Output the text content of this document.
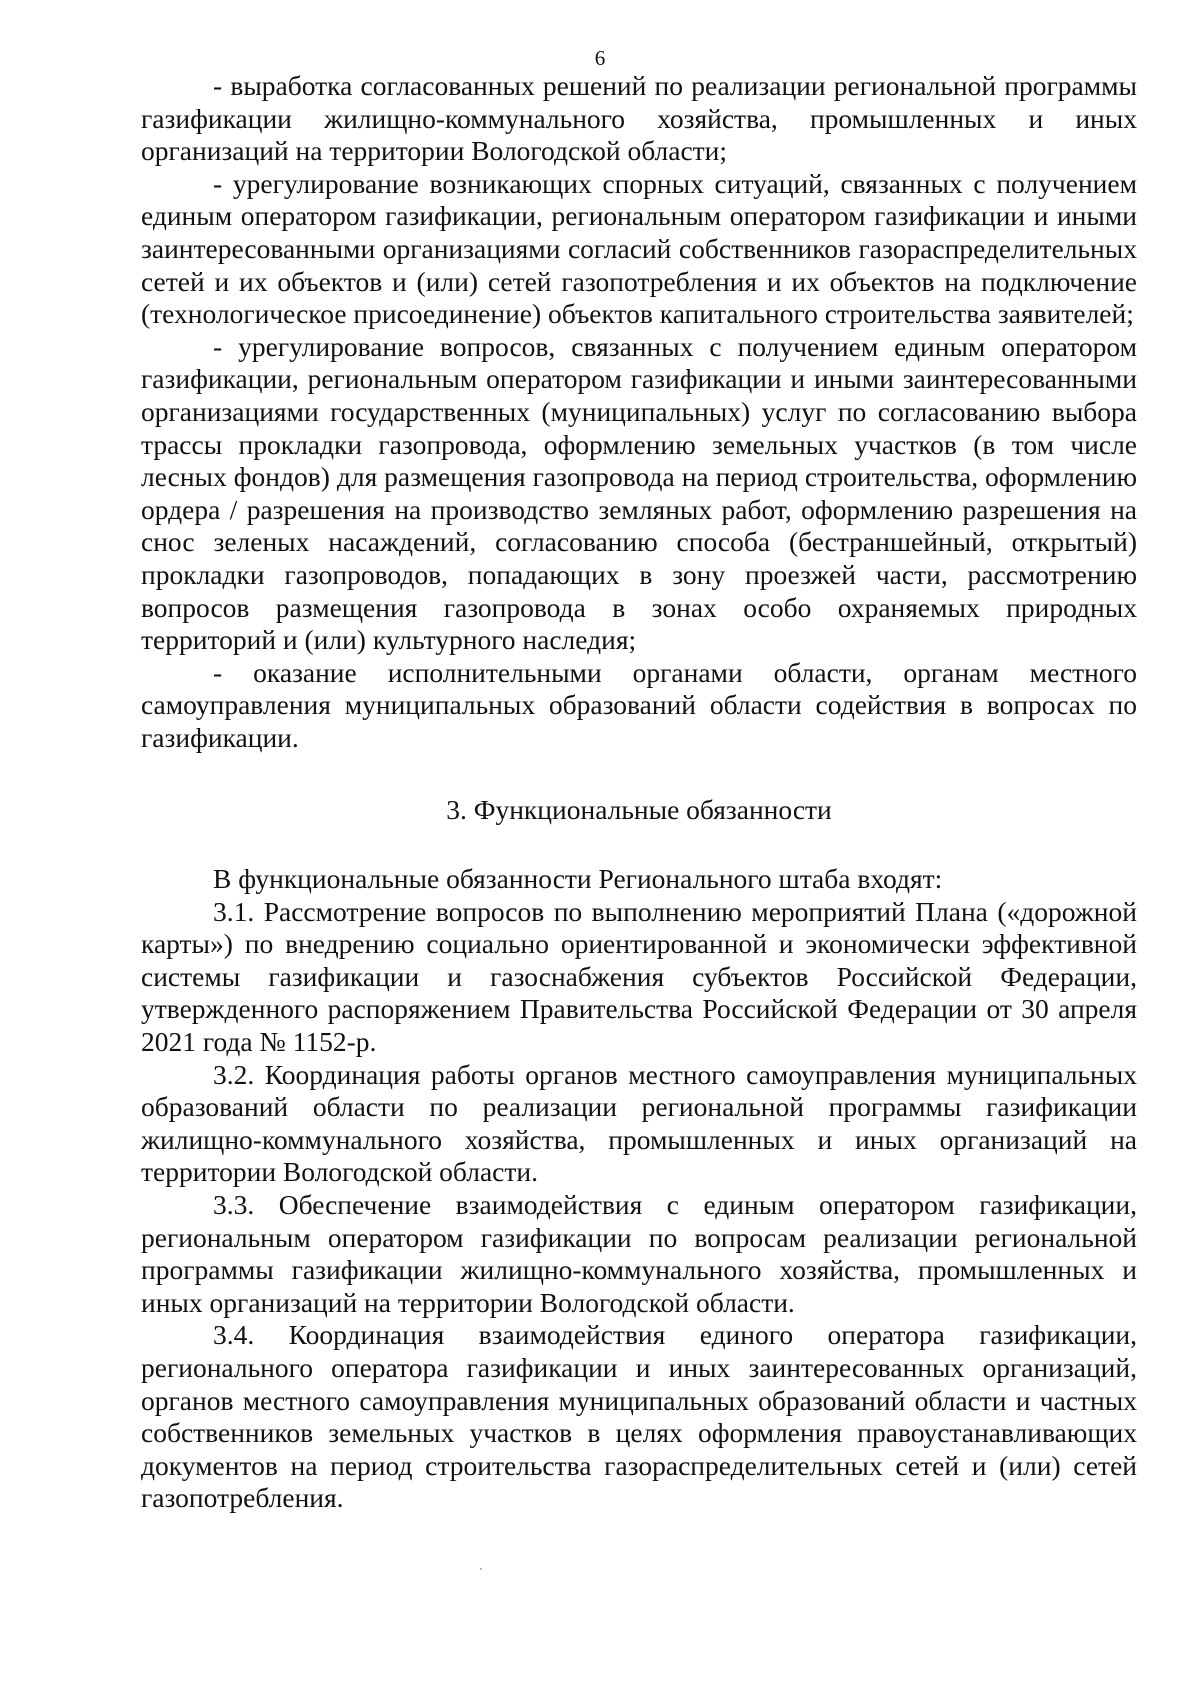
6

- выработка согласованных решений по реализации региональной программы газификации жилищно-коммунального хозяйства, промышленных и иных организаций на территории Вологодской области;

- урегулирование возникающих спорных ситуаций, связанных с получением единым оператором газификации, региональным оператором газификации и иными заинтересованными организациями согласий собственников газораспределительных сетей и их объектов и (или) сетей газопотребления и их объектов на подключение (технологическое присоединение) объектов капитального строительства заявителей;

- урегулирование вопросов, связанных с получением единым оператором газификации, региональным оператором газификации и иными заинтересованными организациями государственных (муниципальных) услуг по согласованию выбора трассы прокладки газопровода, оформлению земельных участков (в том числе лесных фондов) для размещения газопровода на период строительства, оформлению ордера / разрешения на производство земляных работ, оформлению разрешения на снос зеленых насаждений, согласованию способа (бестраншейный, открытый) прокладки газопроводов, попадающих в зону проезжей части, рассмотрению вопросов размещения газопровода в зонах особо охраняемых природных территорий и (или) культурного наследия;

- оказание исполнительными органами области, органам местного самоуправления муниципальных образований области содействия в вопросах по газификации.

3. Функциональные обязанности

В функциональные обязанности Регионального штаба входят:

3.1. Рассмотрение вопросов по выполнению мероприятий Плана («дорожной карты») по внедрению социально ориентированной и экономически эффективной системы газификации и газоснабжения субъектов Российской Федерации, утвержденного распоряжением Правительства Российской Федерации от 30 апреля 2021 года № 1152-р.

3.2. Координация работы органов местного самоуправления муниципальных образований области по реализации региональной программы газификации жилищно-коммунального хозяйства, промышленных и иных организаций на территории Вологодской области.

3.3. Обеспечение взаимодействия с единым оператором газификации, региональным оператором газификации по вопросам реализации региональной программы газификации жилищно-коммунального хозяйства, промышленных и иных организаций на территории Вологодской области.

3.4. Координация взаимодействия единого оператора газификации, регионального оператора газификации и иных заинтересованных организаций, органов местного самоуправления муниципальных образований области и частных собственников земельных участков в целях оформления правоустанавливающих документов на период строительства газораспределительных сетей и (или) сетей газопотребления.
